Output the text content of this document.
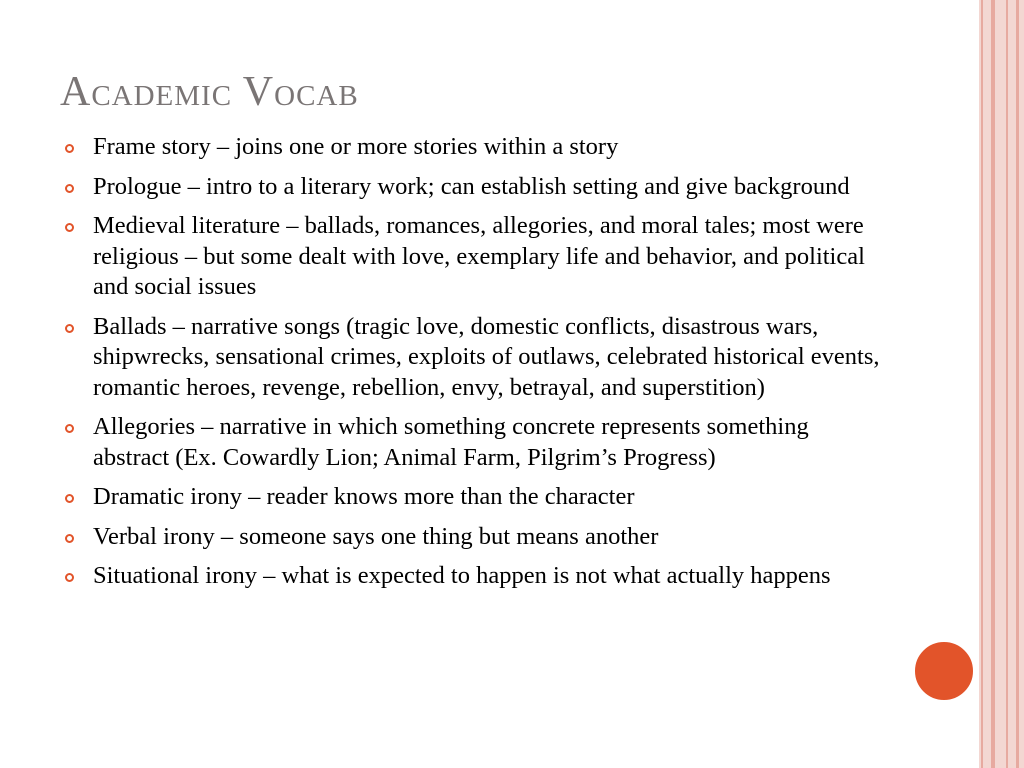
Academic Vocab
Frame story – joins one or more stories within a story
Prologue – intro to a literary work; can establish setting and give background
Medieval literature – ballads, romances, allegories, and moral tales; most were religious – but some dealt with love, exemplary life and behavior, and political and social issues
Ballads – narrative songs (tragic love, domestic conflicts, disastrous wars, shipwrecks, sensational crimes, exploits of outlaws, celebrated historical events, romantic heroes, revenge, rebellion, envy, betrayal, and superstition)
Allegories – narrative in which something concrete represents something abstract (Ex. Cowardly Lion; Animal Farm, Pilgrim’s Progress)
Dramatic irony – reader knows more than the character
Verbal irony – someone says one thing but means another
Situational irony – what is expected to happen is not what actually happens
